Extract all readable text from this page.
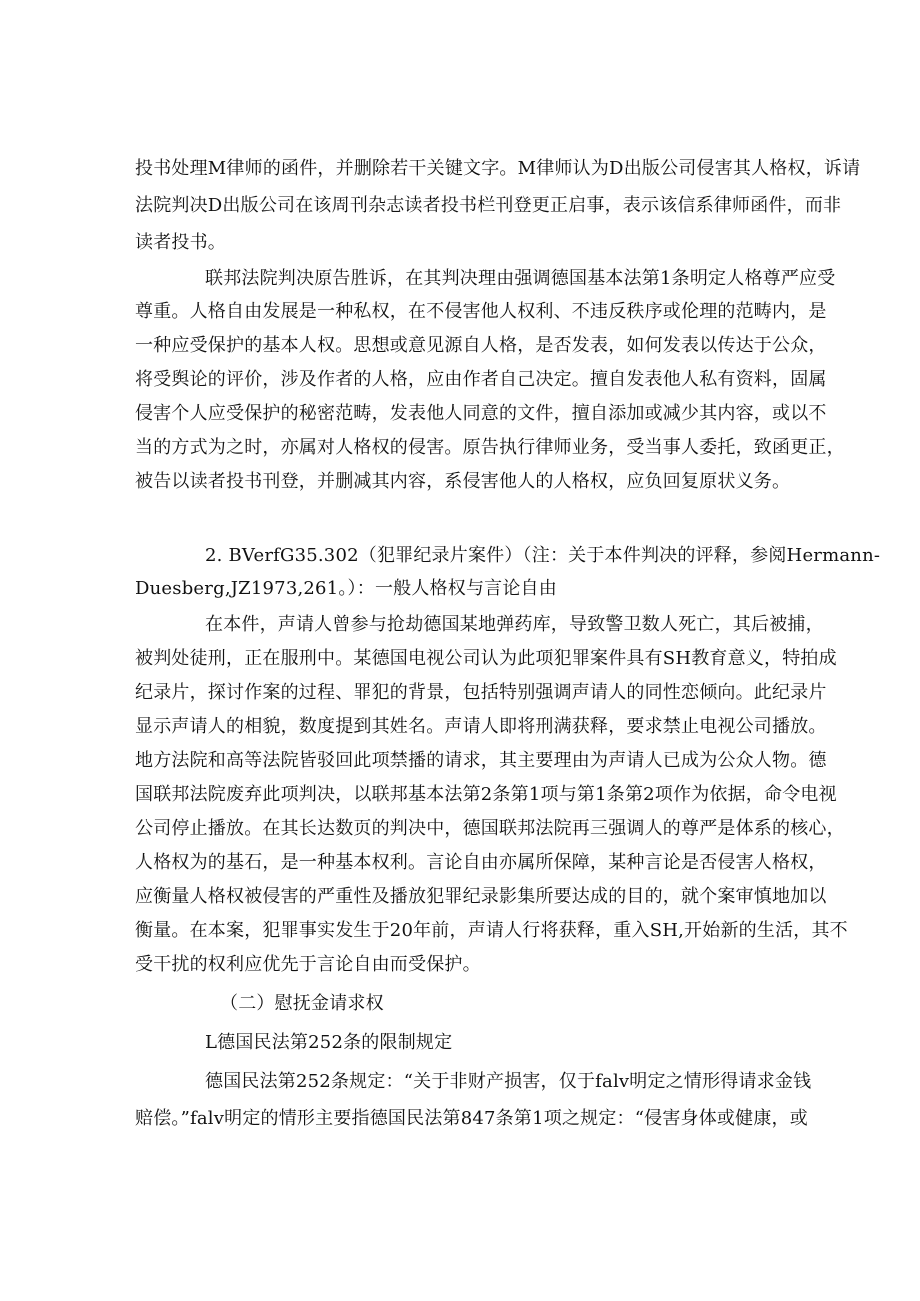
投书处理M律师的函件，并删除若干关键文字。M律师认为D出版公司侵害其人格权，诉请
法院判决D出版公司在该周刊杂志读者投书栏刊登更正启事，表示该信系律师函件，而非
读者投书。
联邦法院判决原告胜诉，在其判决理由强调德国基本法第1条明定人格尊严应受
尊重。人格自由发展是一种私权，在不侵害他人权利、不违反秩序或伦理的范畴内，是
一种应受保护的基本人权。思想或意见源自人格，是否发表，如何发表以传达于公众，
将受舆论的评价，涉及作者的人格，应由作者自己决定。擅自发表他人私有资料，固属
侵害个人应受保护的秘密范畴，发表他人同意的文件，擅自添加或减少其内容，或以不
当的方式为之时，亦属对人格权的侵害。原告执行律师业务，受当事人委托，致函更正，
被告以读者投书刊登，并删减其内容，系侵害他人的人格权，应负回复原状义务。
2. BVerfG35.302（犯罪纪录片案件）（注：关于本件判决的评释，参阅Hermann-
Duesberg,JZ1973,261。）：一般人格权与言论自由
在本件，声请人曾参与抢劫德国某地弹药库，导致警卫数人死亡，其后被捕，
被判处徒刑，正在服刑中。某德国电视公司认为此项犯罪案件具有SH教育意义，特拍成
纪录片，探讨作案的过程、罪犯的背景，包括特别强调声请人的同性恋倾向。此纪录片
显示声请人的相貌，数度提到其姓名。声请人即将刑满获释，要求禁止电视公司播放。
地方法院和高等法院皆驳回此项禁播的请求，其主要理由为声请人已成为公众人物。德
国联邦法院废弃此项判决，以联邦基本法第2条第1项与第1条第2项作为依据，命令电视
公司停止播放。在其长达数页的判决中，德国联邦法院再三强调人的尊严是体系的核心，
人格权为的基石，是一种基本权利。言论自由亦属所保障，某种言论是否侵害人格权，
应衡量人格权被侵害的严重性及播放犯罪纪录影集所要达成的目的，就个案审慎地加以
衡量。在本案，犯罪事实发生于20年前，声请人行将获释，重入SH,开始新的生活，其不
受干扰的权利应优先于言论自由而受保护。
（二）慰抚金请求权
L德国民法第252条的限制规定
德国民法第252条规定：“关于非财产损害，仅于falv明定之情形得请求金钱
赔偿。”falv明定的情形主要指德国民法第847条第1项之规定：“侵害身体或健康，或
